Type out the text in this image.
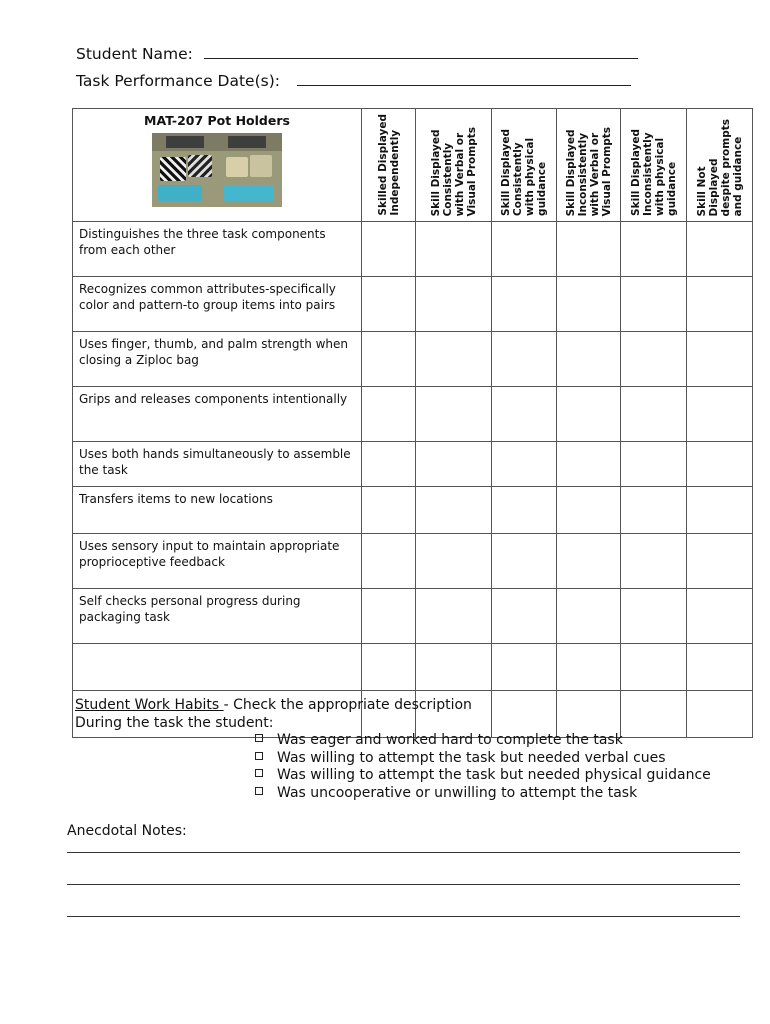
Student Name:
Task Performance Date(s):
MAT-207 Pot Holders	Skilled Displayed
Independently	Skill Displayed
Consistently
with Verbal or
Visual Prompts	Skill Displayed
Consistently
with physical
guidance	Skill Displayed
Inconsistently
with Verbal or
Visual Prompts	Skill Displayed
Inconsistently
with physical
guidance	Skill Not
Displayed
despite prompts
and guidance

Distinguishes the three task components from each other						
Recognizes common attributes-specifically color and pattern-to group items into pairs						
Uses finger, thumb, and palm strength when closing a Ziploc bag						
Grips and releases components intentionally						
Uses both hands simultaneously to assemble the task						
Transfers items to new locations						
Uses sensory input to maintain appropriate proprioceptive feedback						
Self checks personal progress during packaging task						

Student Work Habits - Check the appropriate description
During the task the student:
Was eager and worked hard to complete the task
Was willing to attempt the task but needed verbal cues
Was willing to attempt the task but needed physical guidance
Was uncooperative or unwilling to attempt the task
Anecdotal Notes:
